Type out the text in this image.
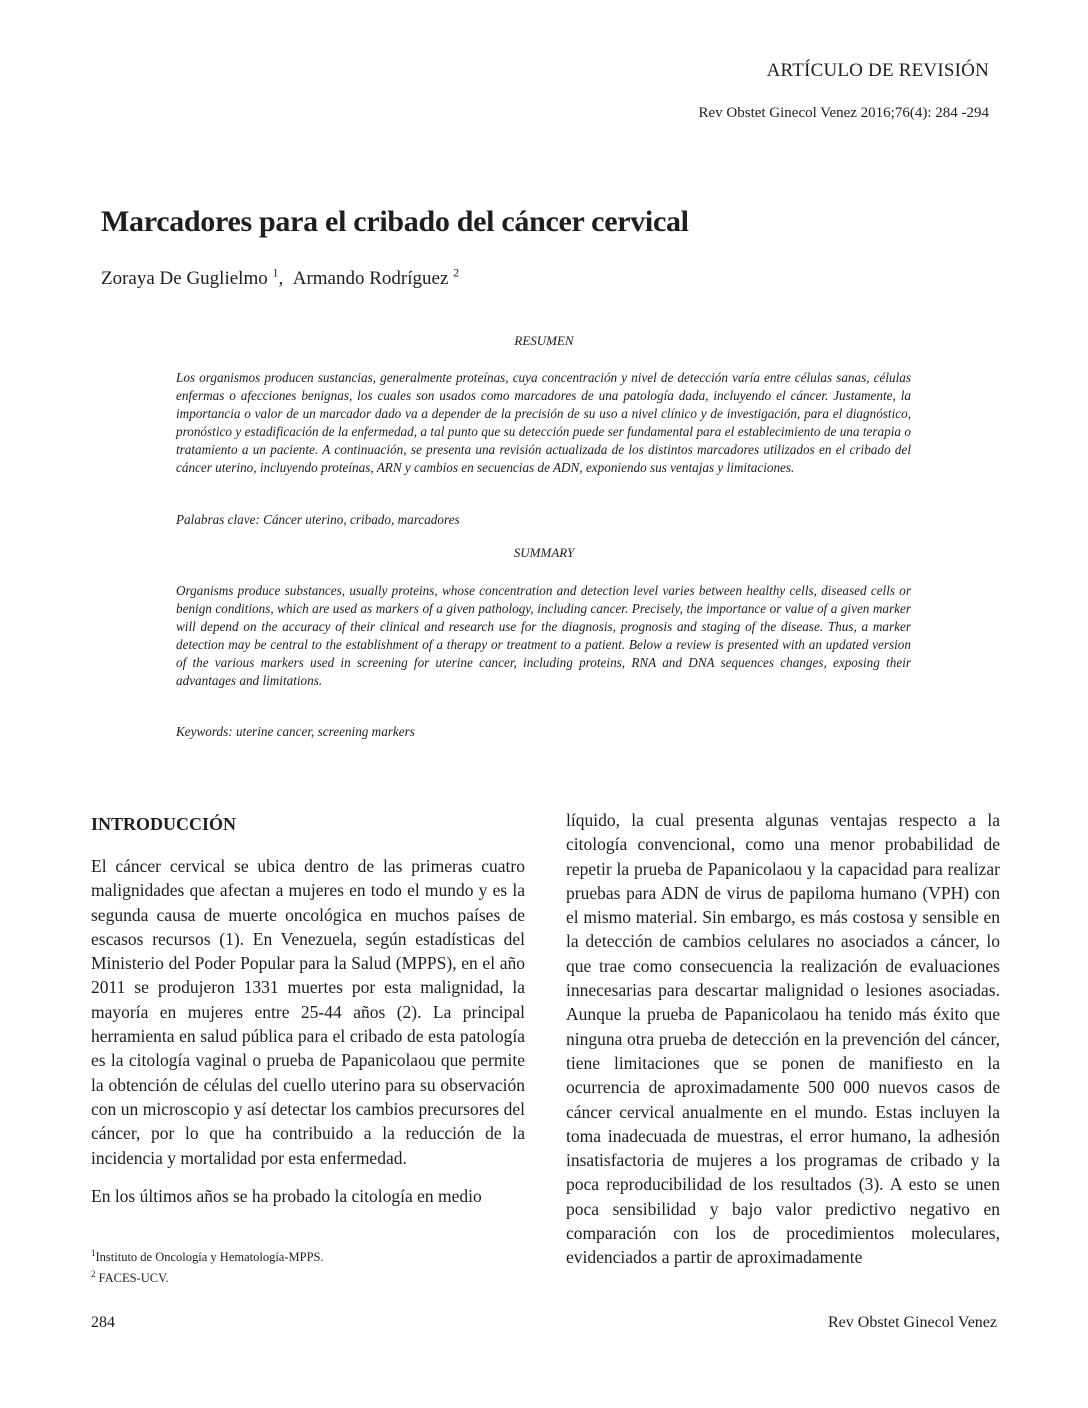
ARTÍCULO DE REVISIÓN
Rev Obstet Ginecol Venez 2016;76(4): 284 -294
Marcadores para el cribado del cáncer cervical
Zoraya De Guglielmo $^1$,  Armando Rodríguez $^2$
RESUMEN

Los organismos producen sustancias, generalmente proteínas, cuya concentración y nivel de detección varía entre células sanas, células enfermas o afecciones benignas, los cuales son usados como marcadores de una patología dada, incluyendo el cáncer. Justamente, la importancia o valor de un marcador dado va a depender de la precisión de su uso a nivel clínico y de investigación, para el diagnóstico, pronóstico y estadificación de la enfermedad, a tal punto que su detección puede ser fundamental para el establecimiento de una terapia o tratamiento a un paciente. A continuación, se presenta una revisión actualizada de los distintos marcadores utilizados en el cribado del cáncer uterino, incluyendo proteínas, ARN y cambios en secuencias de ADN, exponiendo sus ventajas y limitaciones.

Palabras clave: Cáncer uterino, cribado, marcadores
SUMMARY

Organisms produce substances, usually proteins, whose concentration and detection level varies between healthy cells, diseased cells or benign conditions, which are used as markers of a given pathology, including cancer. Precisely, the importance or value of a given marker will depend on the accuracy of their clinical and research use for the diagnosis, prognosis and staging of the disease. Thus, a marker detection may be central to the establishment of a therapy or treatment to a patient. Below a review is presented with an updated version of the various markers used in screening for uterine cancer, including proteins, RNA and DNA sequences changes, exposing their advantages and limitations.

Keywords: uterine cancer, screening markers
INTRODUCCIÓN

El cáncer cervical se ubica dentro de las primeras cuatro malignidades que afectan a mujeres en todo el mundo y es la segunda causa de muerte oncológica en muchos países de escasos recursos (1). En Venezuela, según estadísticas del Ministerio del Poder Popular para la Salud (MPPS), en el año 2011 se produjeron 1331 muertes por esta malignidad, la mayoría en mujeres entre 25-44 años (2). La principal herramienta en salud pública para el cribado de esta patología es la citología vaginal o prueba de Papanicolaou que permite la obtención de células del cuello uterino para su observación con un microscopio y así detectar los cambios precursores del cáncer, por lo que ha contribuido a la reducción de la incidencia y mortalidad por esta enfermedad.

En los últimos años se ha probado la citología en medio

líquido, la cual presenta algunas ventajas respecto a la citología convencional, como una menor probabilidad de repetir la prueba de Papanicolaou y la capacidad para realizar pruebas para ADN de virus de papiloma humano (VPH) con el mismo material. Sin embargo, es más costosa y sensible en la detección de cambios celulares no asociados a cáncer, lo que trae como consecuencia la realización de evaluaciones innecesarias para descartar malignidad o lesiones asociadas. Aunque la prueba de Papanicolaou ha tenido más éxito que ninguna otra prueba de detección en la prevención del cáncer, tiene limitaciones que se ponen de manifiesto en la ocurrencia de aproximadamente 500 000 nuevos casos de cáncer cervical anualmente en el mundo. Estas incluyen la toma inadecuada de muestras, el error humano, la adhesión insatisfactoria de mujeres a los programas de cribado y la poca reproducibilidad de los resultados (3). A esto se unen poca sensibilidad y bajo valor predictivo negativo en comparación con los de procedimientos moleculares, evidenciados a partir de aproximadamente

$^1$Instituto de Oncología y Hematología-MPPS.
$^2$ FACES-UCV.
284	Rev Obstet Ginecol Venez
